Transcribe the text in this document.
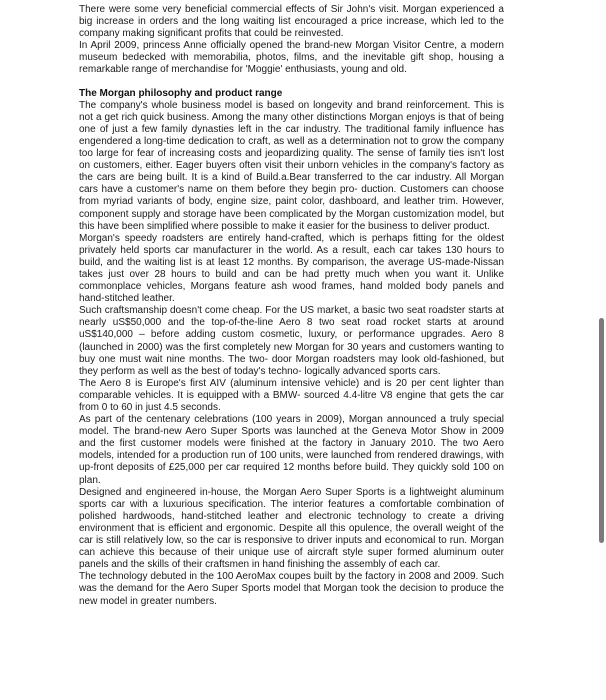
There were some very beneficial commercial effects of Sir John's visit. Morgan experienced a big increase in orders and the long waiting list encouraged a price increase, which led to the company making significant profits that could be reinvested.

In April 2009, princess Anne officially opened the brand-new Morgan Visitor Centre, a modern museum bedecked with memorabilia, photos, films, and the inevitable gift shop, housing a remarkable range of merchandise for 'Moggie' enthusiasts, young and old.

The Morgan philosophy and product range

The company's whole business model is based on longevity and brand reinforcement. This is not a get rich quick business. Among the many other distinctions Morgan enjoys is that of being one of just a few family dynasties left in the car industry. The traditional family influence has engendered a long-time dedication to craft, as well as a determination not to grow the company too large for fear of increasing costs and jeopardizing quality. The sense of family ties isn't lost on customers, either. Eager buyers often visit their unborn vehicles in the company's factory as the cars are being built. It is a kind of Build.a.Bear transferred to the car industry. All Morgan cars have a customer's name on them before they begin pro- duction. Customers can choose from myriad variants of body, engine size, paint color, dashboard, and leather trim. However, component supply and storage have been complicated by the Morgan customization model, but this have been simplified where possible to make it easier for the business to deliver product.

Morgan's speedy roadsters are entirely hand-crafted, which is perhaps fitting for the oldest privately held sports car manufacturer in the world. As a result, each car takes 130 hours to build, and the waiting list is at least 12 months. By comparison, the average US-made-Nissan takes just over 28 hours to build and can be had pretty much when you want it. Unlike commonplace vehicles, Morgans feature ash wood frames, hand molded body panels and hand-stitched leather.

Such craftsmanship doesn't come cheap. For the US market, a basic two seat roadster starts at nearly uS$50,000 and the top-of-the-line Aero 8 two seat road rocket starts at around uS$140,000 – before adding custom cosmetic, luxury, or performance upgrades. Aero 8 (launched in 2000) was the first completely new Morgan for 30 years and customers wanting to buy one must wait nine months. The two- door Morgan roadsters may look old-fashioned, but they perform as well as the best of today's techno- logically advanced sports cars.

The Aero 8 is Europe's first AIV (aluminum intensive vehicle) and is 20 per cent lighter than comparable vehicles. It is equipped with a BMW- sourced 4.4-litre V8 engine that gets the car from 0 to 60 in just 4.5 seconds.

As part of the centenary celebrations (100 years in 2009), Morgan announced a truly special model. The brand-new Aero Super Sports was launched at the Geneva Motor Show in 2009 and the first customer models were finished at the factory in January 2010. The two Aero models, intended for a production run of 100 units, were launched from rendered drawings, with up-front deposits of £25,000 per car required 12 months before build. They quickly sold 100 on plan.

Designed and engineered in-house, the Morgan Aero Super Sports is a lightweight aluminum sports car with a luxurious specification. The interior features a comfortable combination of polished hardwoods, hand-stitched leather and electronic technology to create a driving environment that is efficient and ergonomic. Despite all this opulence, the overall weight of the car is still relatively low, so the car is responsive to driver inputs and economical to run. Morgan can achieve this because of their unique use of aircraft style super formed aluminum outer panels and the skills of their craftsmen in hand finishing the assembly of each car.

The technology debuted in the 100 AeroMax coupes built by the factory in 2008 and 2009. Such was the demand for the Aero Super Sports model that Morgan took the decision to produce the new model in greater numbers.
